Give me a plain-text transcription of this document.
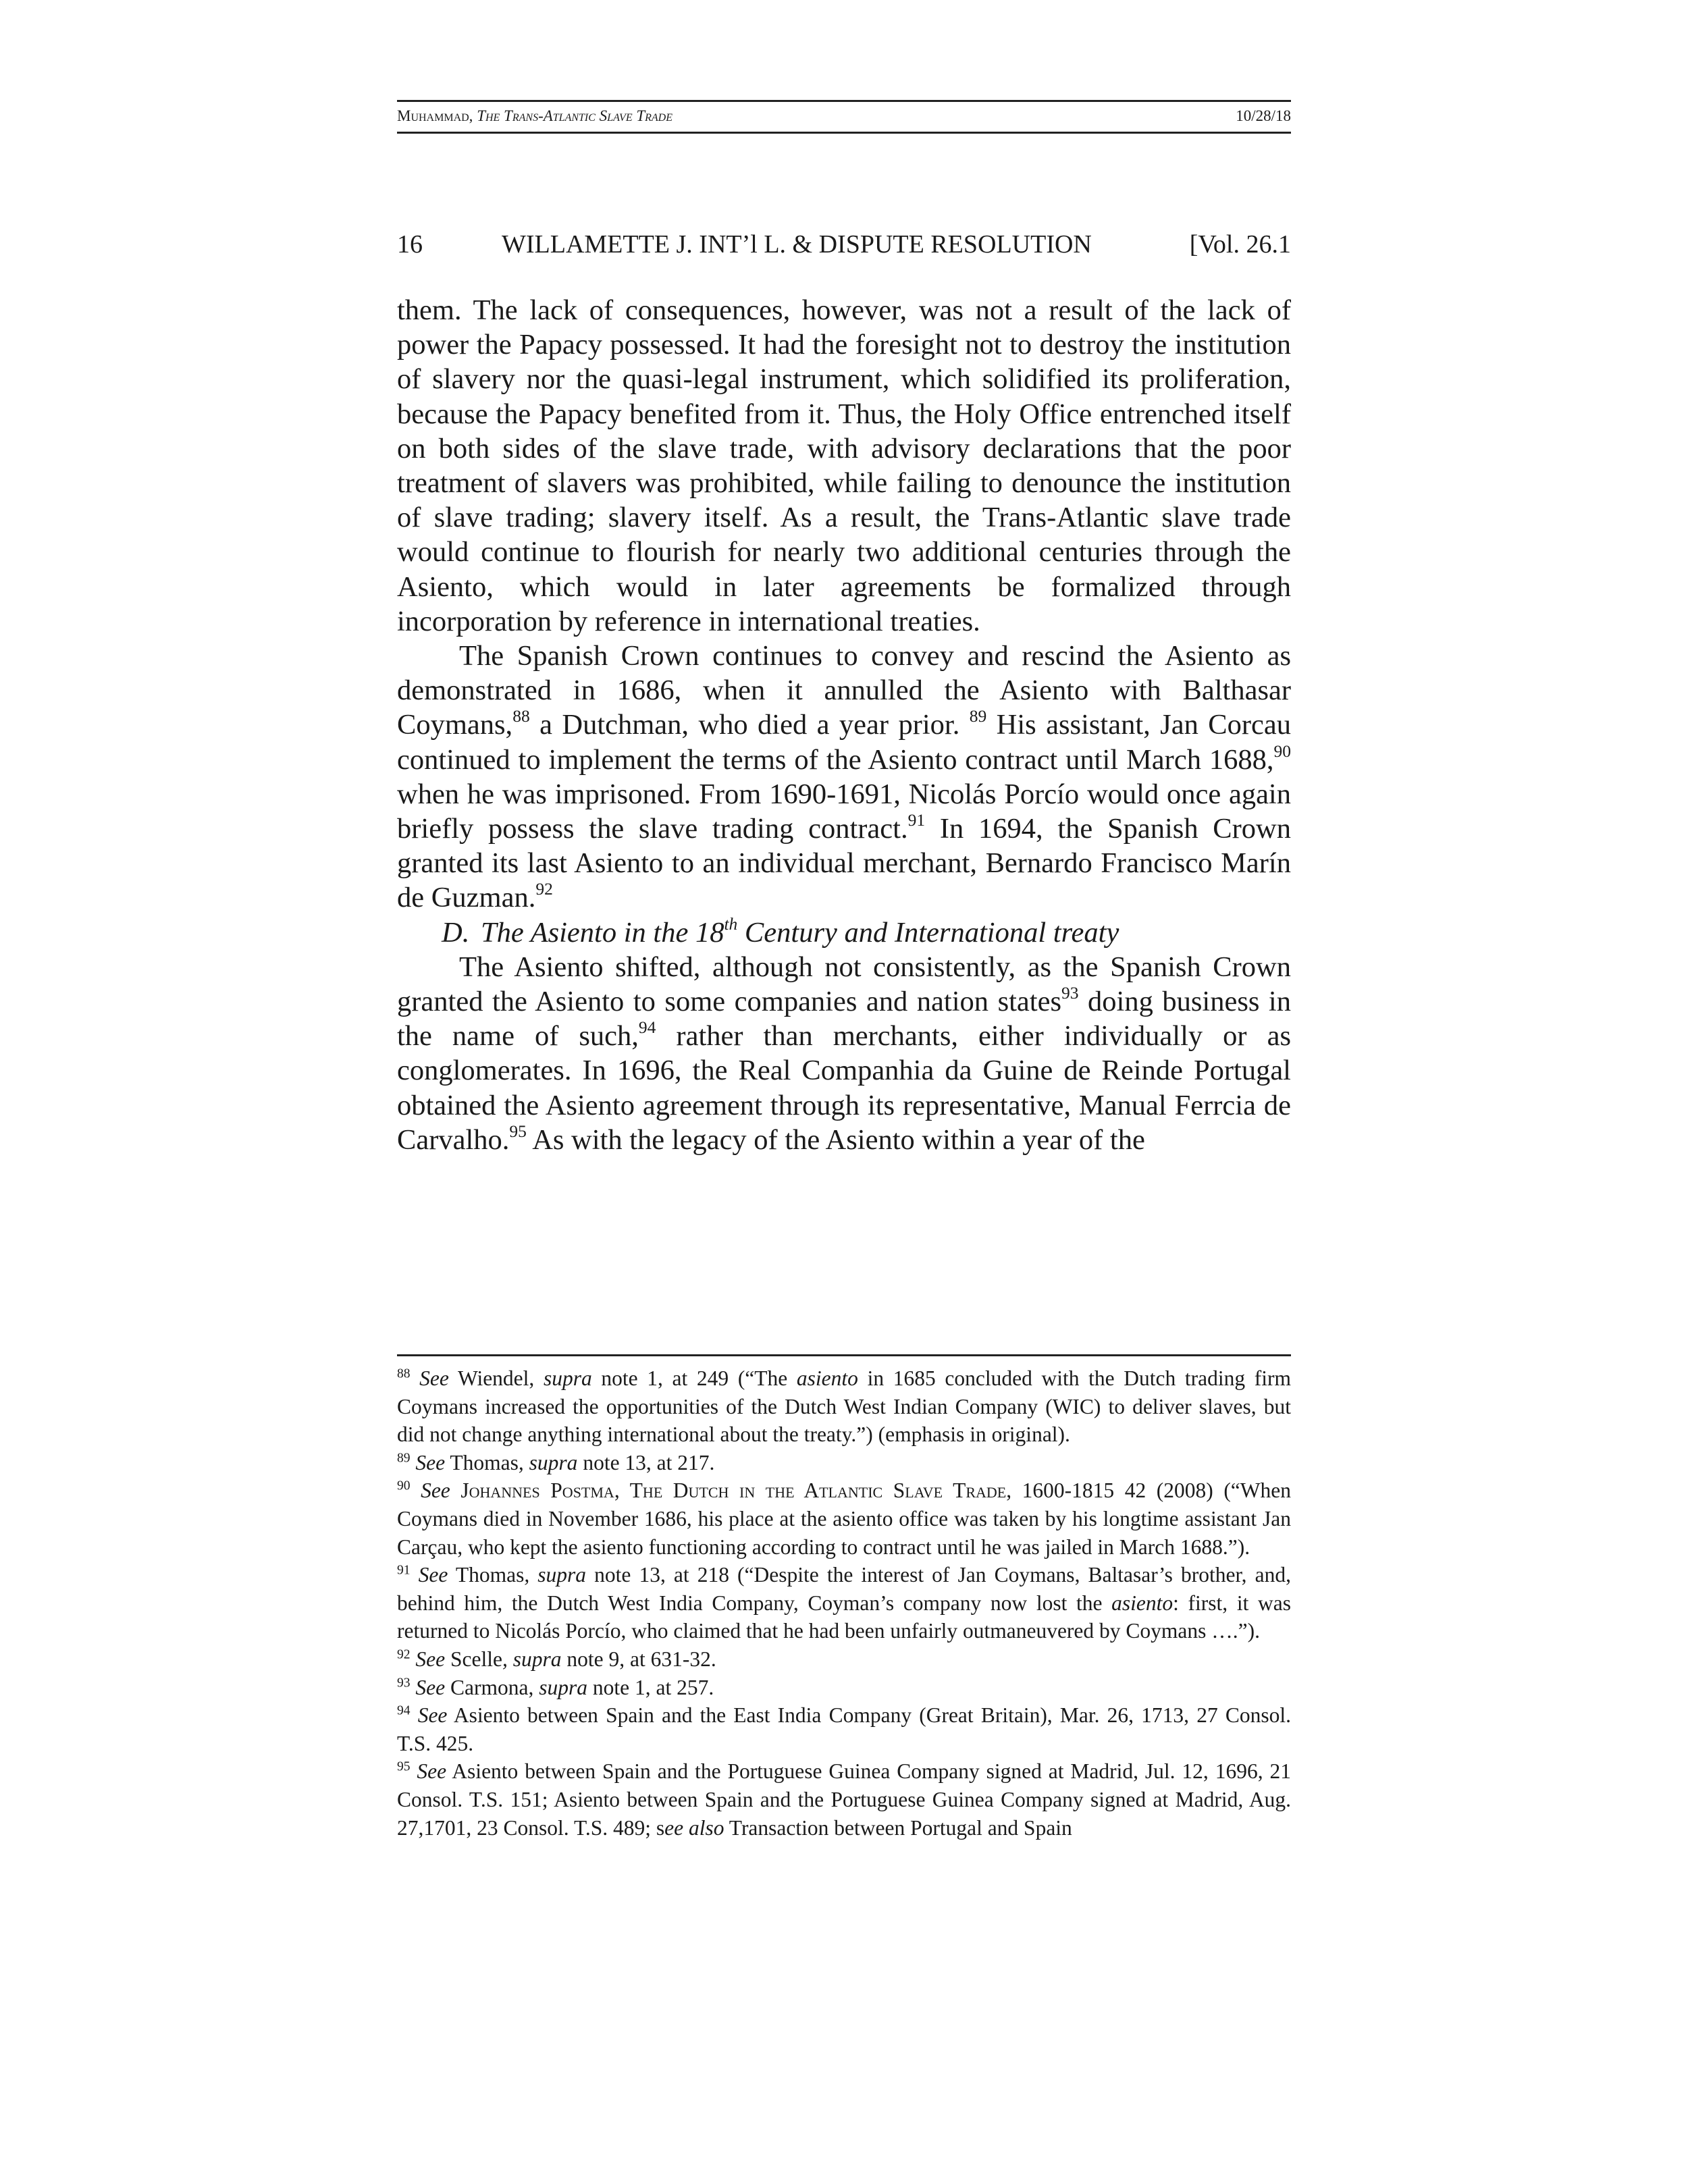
Muhammad, The Trans-Atlantic Slave Trade	10/28/18
16	WILLAMETTE J. INT’l L. & DISPUTE RESOLUTION	[Vol. 26.1

them. The lack of consequences, however, was not a result of the lack of power the Papacy possessed. It had the foresight not to destroy the institution of slavery nor the quasi-legal instrument, which solidified its proliferation, because the Papacy benefited from it. Thus, the Holy Office entrenched itself on both sides of the slave trade, with advisory declarations that the poor treatment of slavers was prohibited, while failing to denounce the institution of slave trading; slavery itself. As a result, the Trans-Atlantic slave trade would continue to flourish for nearly two additional centuries through the Asiento, which would in later agreements be formalized through incorporation by reference in international treaties.

The Spanish Crown continues to convey and rescind the Asiento as demonstrated in 1686, when it annulled the Asiento with Balthasar Coymans,$^{88}$ a Dutchman, who died a year prior. $^{89}$ His assistant, Jan Corcau continued to implement the terms of the Asiento contract until March 1688,90 when he was imprisoned. From 1690-1691, Nicolás Porcío would once again briefly possess the slave trading contract.$^{91}$ In 1694, the Spanish Crown granted its last Asiento to an individual merchant, Bernardo Francisco Marín de Guzman.$^{92}$

D. The Asiento in the 18th Century and International treaty

The Asiento shifted, although not consistently, as the Spanish Crown granted the Asiento to some companies and nation states$^{93}$ doing business in the name of such,$^{94}$ rather than merchants, either individually or as conglomerates. In 1696, the Real Companhia da Guine de Reinde Portugal obtained the Asiento agreement through its representative, Manual Ferrcia de Carvalho.$^{95}$ As with the legacy of the Asiento within a year of the

$^{88}$ See Wiendel, supra note 1, at 249 (“The asiento in 1685 concluded with the Dutch trading firm Coymans increased the opportunities of the Dutch West Indian Company (WIC) to deliver slaves, but did not change anything international about the treaty.”) (emphasis in original).

$^{89}$ See Thomas, supra note 13, at 217.

$^{90}$ See Johannes Postma, The Dutch in the Atlantic Slave Trade, 1600-1815 42 (2008) (“When Coymans died in November 1686, his place at the asiento office was taken by his longtime assistant Jan Carçau, who kept the asiento functioning according to contract until he was jailed in March 1688.”).

$^{91}$ See Thomas, supra note 13, at 218 (“Despite the interest of Jan Coymans, Baltasar’s brother, and, behind him, the Dutch West India Company, Coyman’s company now lost the asiento: first, it was returned to Nicolás Porcío, who claimed that he had been unfairly outmaneuvered by Coymans ….”).

$^{92}$ See Scelle, supra note 9, at 631-32.

$^{93}$ See Carmona, supra note 1, at 257.

$^{94}$ See Asiento between Spain and the East India Company (Great Britain), Mar. 26, 1713, 27 Consol. T.S. 425.

$^{95}$ See Asiento between Spain and the Portuguese Guinea Company signed at Madrid, Jul. 12, 1696, 21 Consol. T.S. 151; Asiento between Spain and the Portuguese Guinea Company signed at Madrid, Aug. 27,1701, 23 Consol. T.S. 489; see also Transaction between Portugal and Spain
